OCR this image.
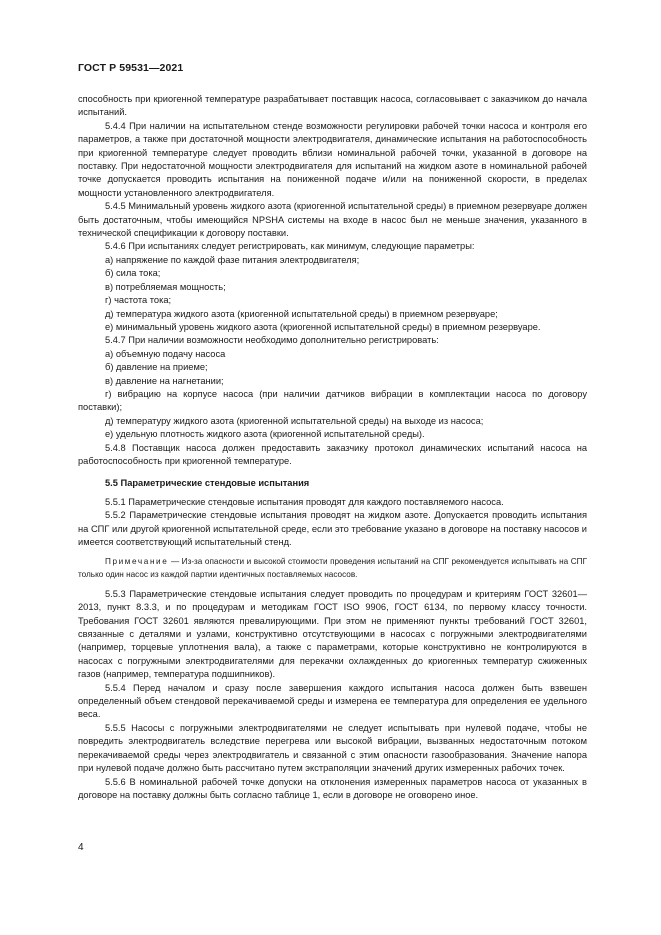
ГОСТ Р 59531—2021

способность при криогенной температуре разрабатывает поставщик насоса, согласовывает с заказчиком до начала испытаний.

5.4.4 При наличии на испытательном стенде возможности регулировки рабочей точки насоса и контроля его параметров, а также при достаточной мощности электродвигателя, динамические испытания на работоспособность при криогенной температуре следует проводить вблизи номинальной рабочей точки, указанной в договоре на поставку. При недостаточной мощности электродвигателя для испытаний на жидком азоте в номинальной рабочей точке допускается проводить испытания на пониженной подаче и/или на пониженной скорости, в пределах мощности установленного электродвигателя.

5.4.5 Минимальный уровень жидкого азота (криогенной испытательной среды) в приемном резервуаре должен быть достаточным, чтобы имеющийся NPSHA системы на входе в насос был не меньше значения, указанного в технической спецификации к договору поставки.

5.4.6 При испытаниях следует регистрировать, как минимум, следующие параметры:

а) напряжение по каждой фазе питания электродвигателя;

б) сила тока;

в) потребляемая мощность;

г) частота тока;

д) температура жидкого азота (криогенной испытательной среды) в приемном резервуаре;

е) минимальный уровень жидкого азота (криогенной испытательной среды) в приемном резервуаре.

5.4.7 При наличии возможности необходимо дополнительно регистрировать:

а) объемную подачу насоса

б) давление на приеме;

в) давление на нагнетании;

г) вибрацию на корпусе насоса (при наличии датчиков вибрации в комплектации насоса по договору поставки);

д) температуру жидкого азота (криогенной испытательной среды) на выходе из насоса;

е) удельную плотность жидкого азота (криогенной испытательной среды).

5.4.8 Поставщик насоса должен предоставить заказчику протокол динамических испытаний насоса на работоспособность при криогенной температуре.

5.5 Параметрические стендовые испытания

5.5.1 Параметрические стендовые испытания проводят для каждого поставляемого насоса.

5.5.2 Параметрические стендовые испытания проводят на жидком азоте. Допускается проводить испытания на СПГ или другой криогенной испытательной среде, если это требование указано в договоре на поставку насосов и имеется соответствующий испытательный стенд.

Примечание — Из-за опасности и высокой стоимости проведения испытаний на СПГ рекомендуется испытывать на СПГ только один насос из каждой партии идентичных поставляемых насосов.

5.5.3 Параметрические стендовые испытания следует проводить по процедурам и критериям ГОСТ 32601—2013, пункт 8.3.3, и по процедурам и методикам ГОСТ ISO 9906, ГОСТ 6134, по первому классу точности. Требования ГОСТ 32601 являются превалирующими. При этом не применяют пункты требований ГОСТ 32601, связанные с деталями и узлами, конструктивно отсутствующими в насосах с погружными электродвигателями (например, торцевые уплотнения вала), а также с параметрами, которые конструктивно не контролируются в насосах с погружными электродвигателями для перекачки охлажденных до криогенных температур сжиженных газов (например, температура подшипников).

5.5.4 Перед началом и сразу после завершения каждого испытания насоса должен быть взвешен определенный объем стендовой перекачиваемой среды и измерена ее температура для определения ее удельного веса.

5.5.5 Насосы с погружными электродвигателями не следует испытывать при нулевой подаче, чтобы не повредить электродвигатель вследствие перегрева или высокой вибрации, вызванных недостаточным потоком перекачиваемой среды через электродвигатель и связанной с этим опасности газообразования. Значение напора при нулевой подаче должно быть рассчитано путем экстраполяции значений других измеренных рабочих точек.

5.5.6 В номинальной рабочей точке допуски на отклонения измеренных параметров насоса от указанных в договоре на поставку должны быть согласно таблице 1, если в договоре не оговорено иное.

4
